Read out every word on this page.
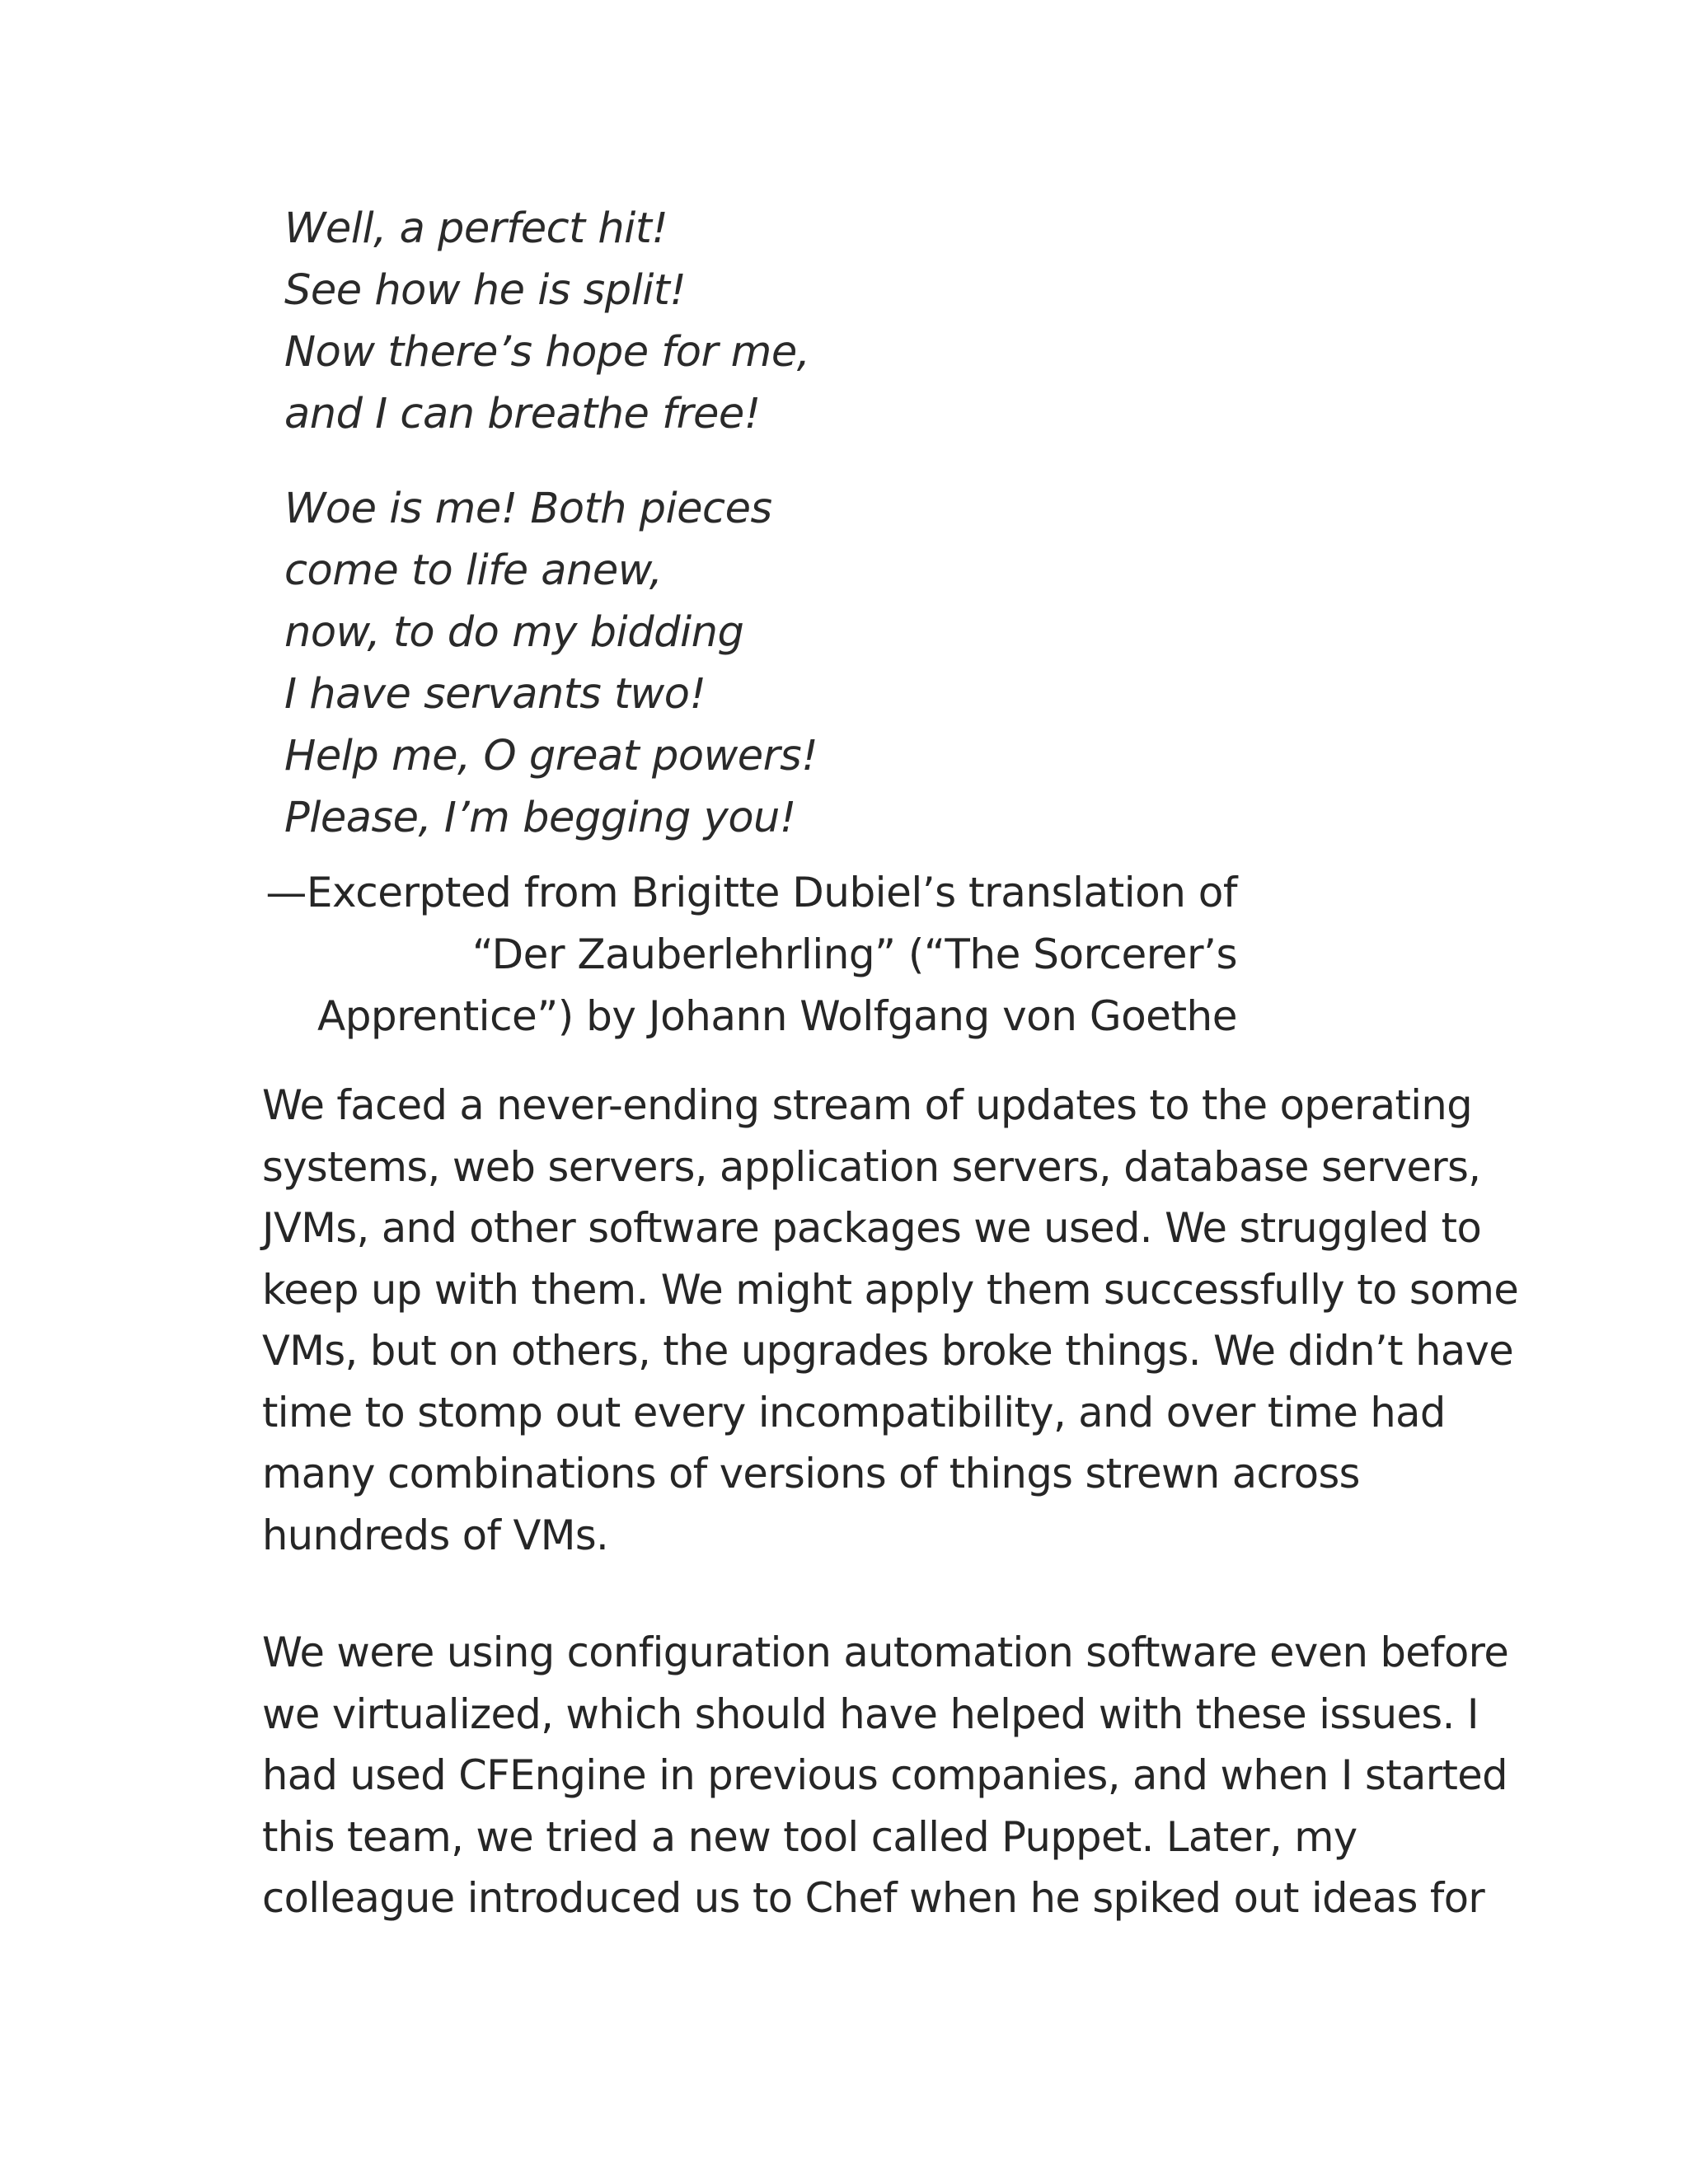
Well, a perfect hit!
See how he is split!
Now there’s hope for me,
and I can breathe free!
Woe is me! Both pieces
come to life anew,
now, to do my bidding
I have servants two!
Help me, O great powers!
Please, I’m begging you!
—Excerpted from Brigitte Dubiel’s translation of
“Der Zauberlehrling” (“The Sorcerer’s
Apprentice”) by Johann Wolfgang von Goethe
We faced a never-ending stream of updates to the operating
systems, web servers, application servers, database servers,
JVMs, and other software packages we used. We struggled to
keep up with them. We might apply them successfully to some
VMs, but on others, the upgrades broke things. We didn’t have
time to stomp out every incompatibility, and over time had
many combinations of versions of things strewn across
hundreds of VMs.
We were using configuration automation software even before
we virtualized, which should have helped with these issues. I
had used CFEngine in previous companies, and when I started
this team, we tried a new tool called Puppet. Later, my
colleague introduced us to Chef when he spiked out ideas for
